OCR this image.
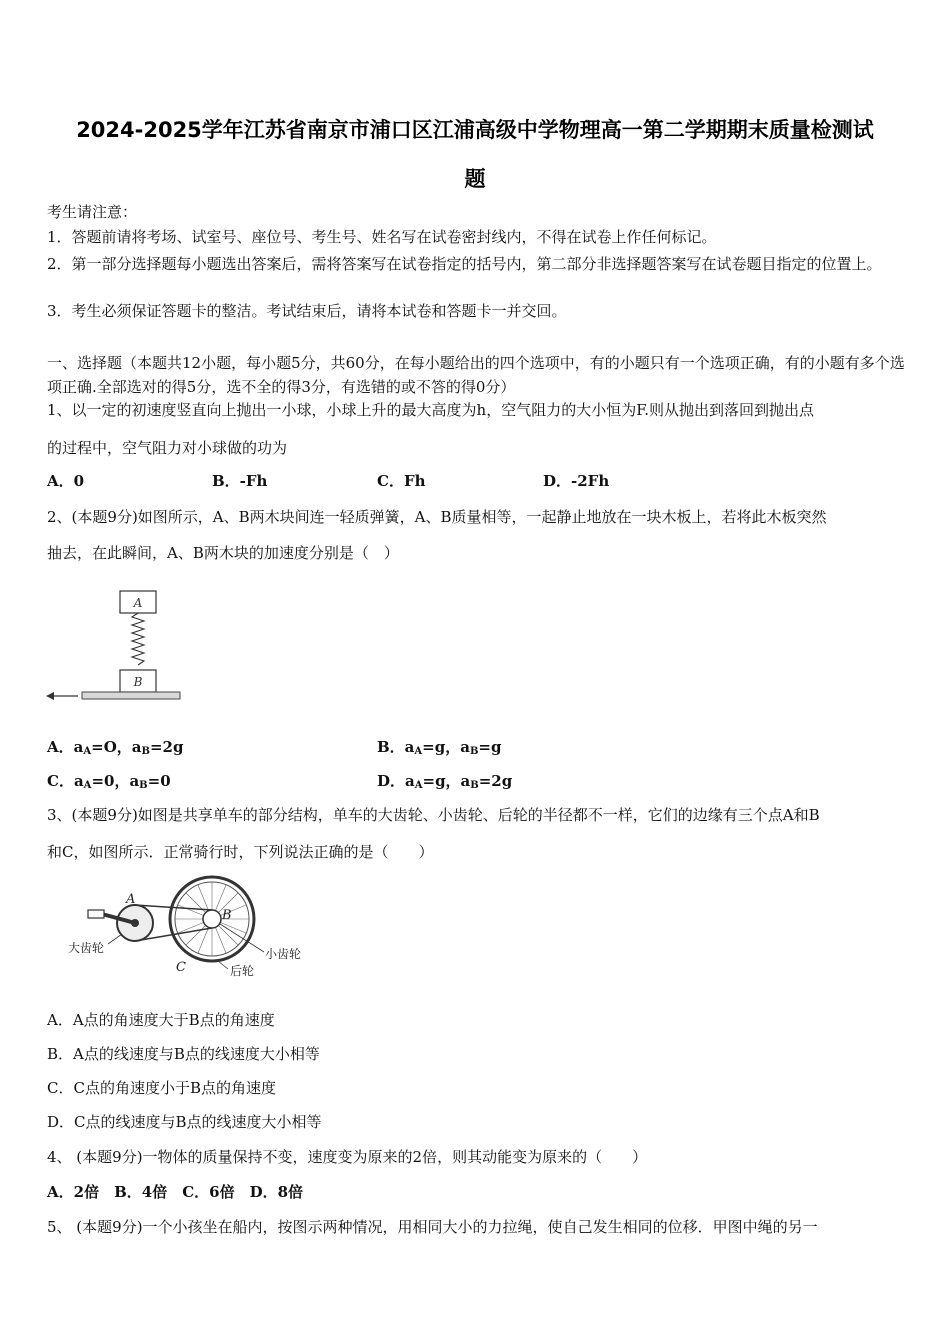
2024-2025学年江苏省南京市浦口区江浦高级中学物理高一第二学期期末质量检测试
题
考生请注意：
1．答题前请将考场、试室号、座位号、考生号、姓名写在试卷密封线内，不得在试卷上作任何标记。
2．第一部分选择题每小题选出答案后，需将答案写在试卷指定的括号内，第二部分非选择题答案写在试卷题目指定的位置上。
3．考生必须保证答题卡的整洁。考试结束后，请将本试卷和答题卡一并交回。
一、选择题（本题共12小题，每小题5分，共60分，在每小题给出的四个选项中，有的小题只有一个选项正确，有的小题有多个选项正确.全部选对的得5分，选不全的得3分，有选错的或不答的得0分）
1、以一定的初速度竖直向上抛出一小球，小球上升的最大高度为h，空气阻力的大小恒为F.则从抛出到落回到抛出点
的过程中，空气阻力对小球做的功为
A．0	B．-Fh	C．Fh	D．-2Fh
2、(本题9分)如图所示，A、B两木块间连一轻质弹簧，A、B质量相等，一起静止地放在一块木板上，若将此木板突然
抽去，在此瞬间，A、B两木块的加速度分别是（　）
A
B
A．$a_A=O$，$a_B=2g$	B．$a_A=g$，$a_B=g$
C．$a_A=0$，$a_B=0$	D．$a_A=g$，$a_B=2g$
3、(本题9分)如图是共享单车的部分结构，单车的大齿轮、小齿轮、后轮的半径都不一样，它们的边缘有三个点A和B
和C，如图所示．正常骑行时，下列说法正确的是（　　）
A
B
C
大齿轮	小齿轮
后轮
A．A点的角速度大于B点的角速度
B．A点的线速度与B点的线速度大小相等
C．C点的角速度小于B点的角速度
D．C点的线速度与B点的线速度大小相等
4、 (本题9分)一物体的质量保持不变，速度变为原来的2倍，则其动能变为原来的（　　）
A．2倍　B．4倍　C．6倍　D．8倍
5、 (本题9分)一个小孩坐在船内，按图示两种情况，用相同大小的力拉绳，使自己发生相同的位移．甲图中绳的另一
